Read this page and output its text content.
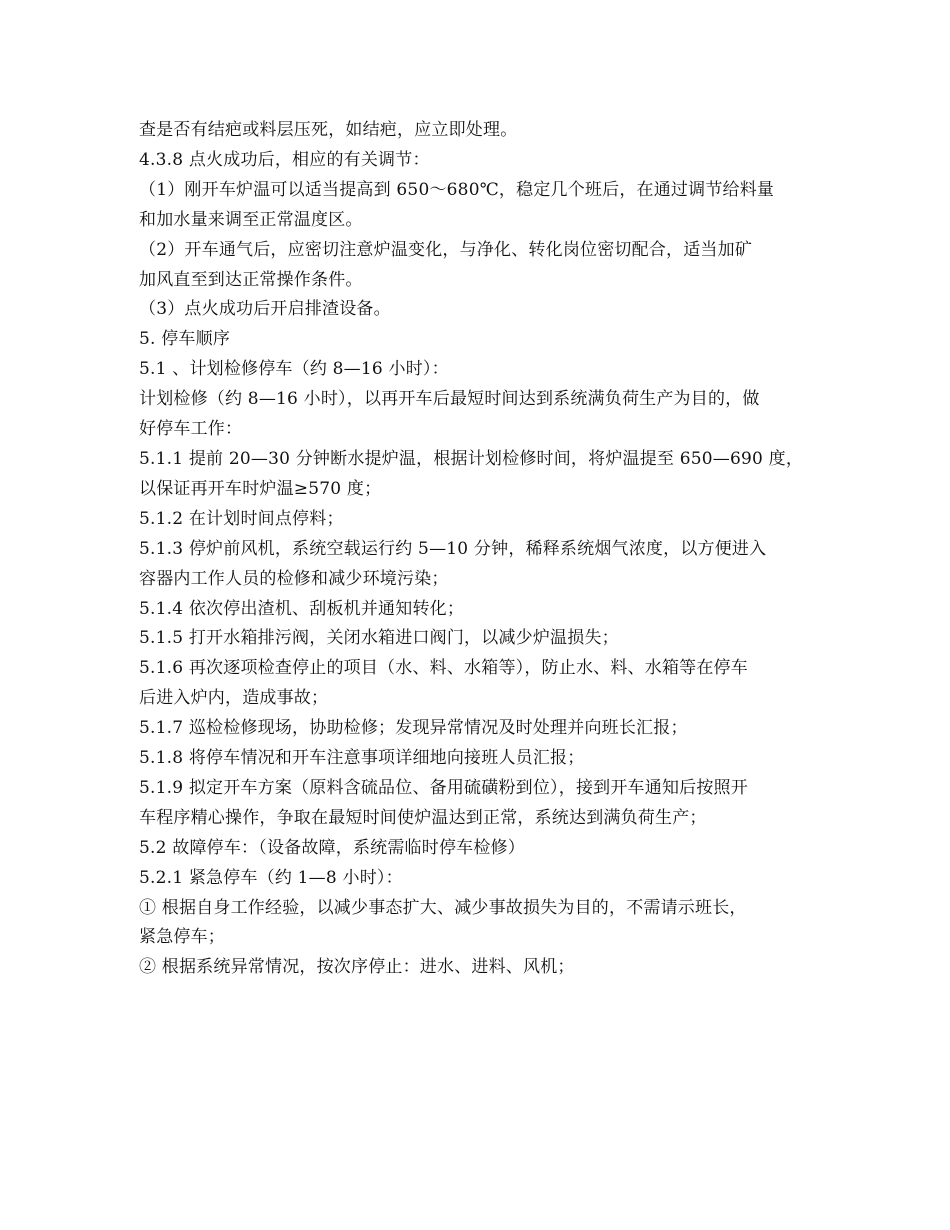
查是否有结疤或料层压死，如结疤，应立即处理。
4.3.8 点火成功后，相应的有关调节：
（1）刚开车炉温可以适当提高到 650～680℃，稳定几个班后，在通过调节给料量
和加水量来调至正常温度区。
（2）开车通气后，应密切注意炉温变化，与净化、转化岗位密切配合，适当加矿
加风直至到达正常操作条件。
（3）点火成功后开启排渣设备。
5. 停车顺序
5.1 、计划检修停车（约 8—16 小时）：
计划检修（约 8—16 小时），以再开车后最短时间达到系统满负荷生产为目的，做
好停车工作：
5.1.1 提前 20—30 分钟断水提炉温，根据计划检修时间，将炉温提至 650—690 度，
以保证再开车时炉温≥570 度；
5.1.2 在计划时间点停料；
5.1.3 停炉前风机，系统空载运行约 5—10 分钟，稀释系统烟气浓度，以方便进入
容器内工作人员的检修和减少环境污染；
5.1.4 依次停出渣机、刮板机并通知转化；
5.1.5 打开水箱排污阀，关闭水箱进口阀门，以减少炉温损失；
5.1.6 再次逐项检查停止的项目（水、料、水箱等），防止水、料、水箱等在停车
后进入炉内，造成事故；
5.1.7 巡检检修现场，协助检修；发现异常情况及时处理并向班长汇报；
5.1.8 将停车情况和开车注意事项详细地向接班人员汇报；
5.1.9 拟定开车方案（原料含硫品位、备用硫磺粉到位），接到开车通知后按照开
车程序精心操作，争取在最短时间使炉温达到正常，系统达到满负荷生产；
5.2 故障停车：（设备故障，系统需临时停车检修）
5.2.1 紧急停车（约 1—8 小时）：
① 根据自身工作经验，以减少事态扩大、减少事故损失为目的，不需请示班长，
紧急停车；
② 根据系统异常情况，按次序停止：进水、进料、风机；
